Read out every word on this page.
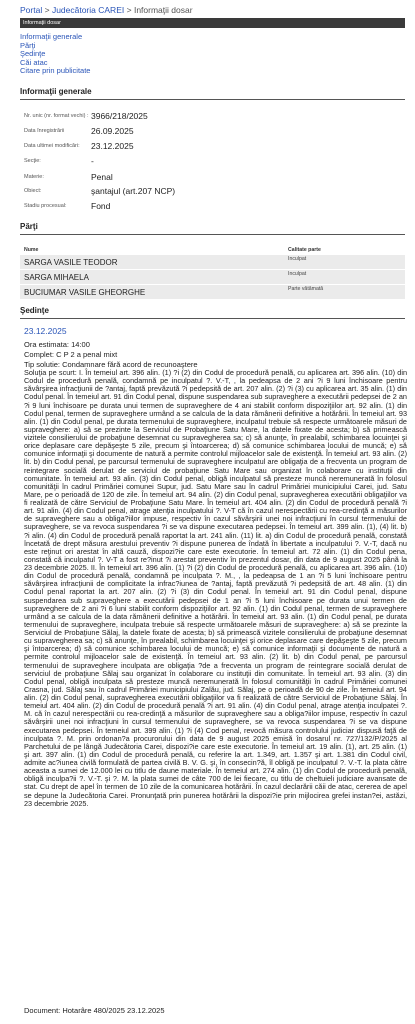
Portal > Judecătoria CAREI > Informaţii dosar
Informaţii dosar
Informaţii generale
Părţi
Şedinţe
Căi atac
Citare prin publicitate
Informaţii generale
Nr. unic (nr. format vechi) : 3966/218/2025
Data înregistrării	26.09.2025
Data ultimei modificări: 23.12.2025
Secţie:	-
Materie:	Penal
Obiect:	şantajul (art.207 NCP)
Stadiu procesual:	Fond
Părţi
Nume	Calitate parte
SARGA VASILE TEODOR	Inculpat
SARGA MIHAELA	Inculpat
BUCIUMAR VASILE GHEORGHE	Parte vătămată
Şedinţe
23.12.2025
Ora estimata: 14:00
Complet: C P 2 a penal mixt
Tip solutie: Condamnare fără acord de recunoaştere
Soluţia pe scurt: I. În temeiul art. 396 alin. (1) ?i (2) din Codul de procedură penală, cu aplicarea art. 396 alin. (10) din Codul de procedură penală, condamnă pe inculpatul ?. V.-T, , la pedeapsa de 2 ani ?i 9 luni închisoare pentru săvârşirea infracţiunii de ?antaj, faptă prevăzută ?i pedepsită de art. 207 alin. (2) ?i (3) cu aplicarea art. 35 alin. (1) din Codul penal. În temeiul art. 91 din Codul penal, dispune suspendarea sub supraveghere a executării pedepsei de 2 an ?i 9 luni închisoare pe durata unui termen de supraveghere de 4 ani stabilit conform dispoziţiilor art. 92 alin. (1) din Codul penal, termen de supraveghere urmând a se calcula de la data rămânerii definitive a hotărârii. În temeiul art. 93 alin. (1) din Codul penal, pe durata termenului de supraveghere, inculpatul trebuie să respecte următoarele măsuri de supraveghere: a) să se prezinte la Serviciul de Probaţiune Satu Mare, la datele fixate de acesta; b) să primească vizitele consilierului de probaţiune desemnat cu supravegherea sa; c) să anunţe, în prealabil, schimbarea locuinţei şi orice deplasare care depăşeşte 5 zile, precum şi întoarcerea; d) să comunice schimbarea locului de muncă; e) să comunice informaţii şi documente de natură a permite controlul mijloacelor sale de existenţă. În temeiul art. 93 alin. (2) lit. b) din Codul penal, pe parcursul termenului de supraveghere inculpatul are obligaţia de a frecventa un program de reintegrare socială derulat de serviciul de probaţiune Satu Mare sau organizat în colaborare cu instituţii din comunitate. În temeiul art. 93 alin. (3) din Codul penal, obligă inculpatul să presteze muncă neremunerată în folosul comunităţii în cadrul Primăriei comunei Supur, jud. Satu Mare sau în cadrul Primăriei municipiului Carei, jud. Satu Mare, pe o perioadă de 120 de zile. În temeiul art. 94 alin. (2) din Codul penal, supravegherea executării obligaţiilor va fi realizată de către Serviciul de Probaţiune Satu Mare. În temeiul art. 404 alin. (2) din Codul de procedură penală ?i art. 91 alin. (4) din Codul penal, atrage atenţia inculpatului ?. V-T că în cazul nerespectării cu rea-credinţă a măsurilor de supraveghere sau a obliga?iilor impuse, respectiv în cazul săvârşirii unei noi infracţiuni în cursul termenului de supraveghere, se va revoca suspendarea ?i se va dispune executarea pedepsei. În temeiul art. 399 alin. (1), (4) lit. b) ?i alin. (4) din Codul de procedură penală raportat la art. 241 alin. (11) lit. a) din Codul de procedură penală, constată încetată de drept măsura arestului preventiv ?i dispune punerea de îndată în libertate a inculpatului ?. V.-T, dacă nu este reţinut ori arestat în altă cauză, dispozi?ie care este executorie. În temeiul art. 72 alin. (1) din Codul pena, constată că inculpatul ?. V-T a fost re?inut ?i arestat preventiv în prezentul dosar, din data de 9 august 2025 până la 23 decembrie 2025. II. În temeiul art. 396 alin. (1) ?i (2) din Codul de procedură penală, cu aplicarea art. 396 alin. (10) din Codul de procedură penală, condamnă pe inculpata ?. M., , la pedeapsa de 1 an ?i 5 luni închisoare pentru săvârşirea infracţiunii de complicitate la infrac?iunea de ?antaj, faptă prevăzută ?i pedepsită de art. 48 alin. (1) din Codul penal raportat la art. 207 alin. (2) ?i (3) din Codul penal. În temeiul art. 91 din Codul penal, dispune suspendarea sub supraveghere a executării pedepsei de 1 an ?i 5 luni închisoare pe durata unui termen de supraveghere de 2 ani ?i 6 luni stabilit conform dispoziţiilor art. 92 alin. (1) din Codul penal, termen de supraveghere urmând a se calcula de la data rămânerii definitive a hotărârii. În temeiul art. 93 alin. (1) din Codul penal, pe durata termenului de supraveghere, inculpata trebuie să respecte următoarele măsuri de supraveghere: a) să se prezinte la Serviciul de Probaţiune Sălaj, la datele fixate de acesta; b) să primească vizitele consilierului de probaţiune desemnat cu supravegherea sa; c) să anunţe, în prealabil, schimbarea locuinţei şi orice deplasare care depăşeşte 5 zile, precum şi întoarcerea; d) să comunice schimbarea locului de muncă; e) să comunice informaţii şi documente de natură a permite controlul mijloacelor sale de existenţă. În temeiul art. 93 alin. (2) lit. b) din Codul penal, pe parcursul termenului de supraveghere inculpata are obligaţia ?de a frecventa un program de reintegrare socială derulat de serviciul de probaţiune Sălaj sau organizat în colaborare cu instituţii din comunitate. În temeiul art. 93 alin. (3) din Codul penal, obligă inculpata să presteze muncă neremunerată în folosul comunităţii în cadrul Primăriei comunei Crasna, jud. Sălaj sau în cadrul Primăriei municipiului Zalău, jud. Sălaj, pe o perioadă de 90 de zile. În temeiul art. 94 alin. (2) din Codul penal, supravegherea executării obligaţiilor va fi realizată de către Serviciul de Probaţiune Sălaj. În temeiul art. 404 alin. (2) din Codul de procedură penală ?i art. 91 alin. (4) din Codul penal, atrage atenţia inculpatei ?. M. că în cazul nerespectării cu rea-credinţă a măsurilor de supraveghere sau a obliga?iilor impuse, respectiv în cazul săvârşirii unei noi infracţiuni în cursul termenului de supraveghere, se va revoca suspendarea ?i se va dispune executarea pedepsei. În temeiul art. 399 alin. (1) ?i (4) Cod penal, revocă măsura controlului judiciar dispusă faţă de inculpata ?. M. prin ordonan?a procurorului din data de 9 august 2025 emisă în dosarul nr. 727/132/P/2025 al Parchetului de pe lângă Judecătoria Carei, dispozi?ie care este executorie. În temeiul art. 19 alin. (1), art. 25 alin. (1) şi art. 397 alin. (1) din Codul de procedură penală, cu referire la art. 1.349, art. 1.357 şi art. 1.381 din Codul civil, admite ac?iunea civilă formulată de partea civilă B. V. G. şi, în consecin?ă, îl obligă pe inculpatul ?. V.-T. la plata către aceasta a sumei de 12.000 lei cu titlu de daune materiale. În temeiul art. 274 alin. (1) din Codul de procedură penală, obligă inculpa?ii ?. V.-T. şi ?. M. la plata sumei de câte 700 de lei fiecare, cu titlu de cheltuieli judiciare avansate de stat. Cu drept de apel în termen de 10 zile de la comunicarea hotărârii. În cazul declarării căii de atac, cererea de apel se depune la Judecătoria Carei. Pronunţată prin punerea hotărârii la dispozi?ie prin mijlocirea grefei instan?ei, astăzi, 23 decembrie 2025.
Document: Hotarâre 480/2025 23.12.2025
